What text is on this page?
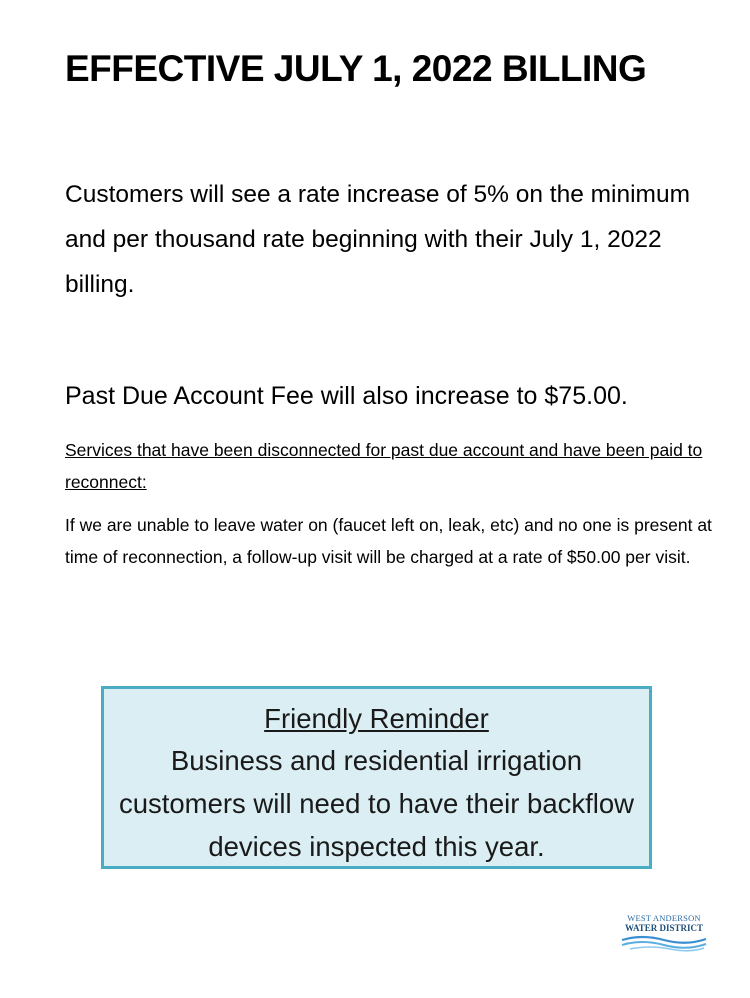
EFFECTIVE JULY 1, 2022 BILLING

Customers will see a rate increase of 5% on the minimum and per thousand rate beginning with their July 1, 2022 billing.

Past Due Account Fee will also increase to $75.00.

Services that have been disconnected for past due account and have been paid to reconnect:

If we are unable to leave water on (faucet left on, leak, etc) and no one is present at time of reconnection, a follow-up visit will be charged at a rate of $50.00 per visit.

Friendly Reminder
Business and residential irrigation customers will need to have their backflow devices inspected this year.
WEST ANDERSON
WATER DISTRICT
